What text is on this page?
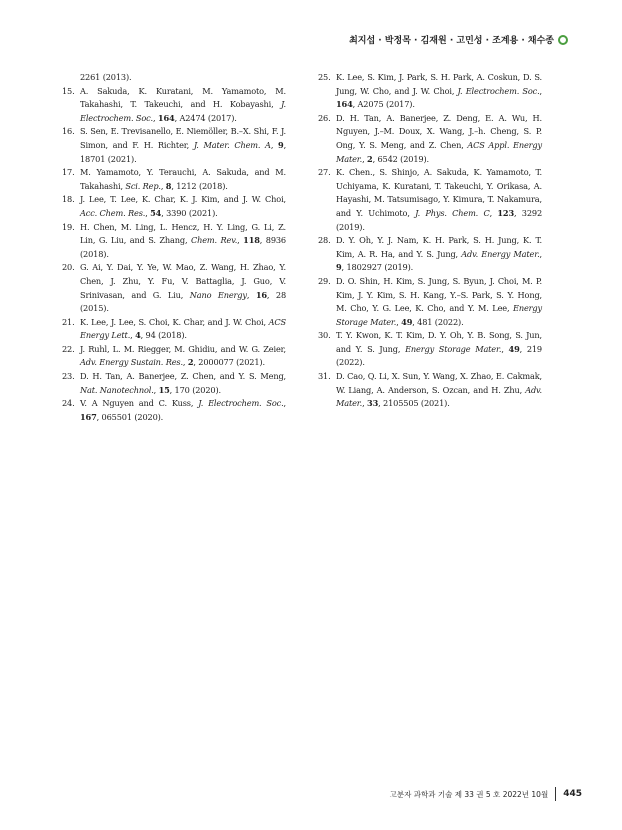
최지섭 · 박정목 · 김재원 · 고민성 · 조계용 · 채수종
2261 (2013).
15. A. Sakuda, K. Kuratani, M. Yamamoto, M. Takahashi, T. Takeuchi, and H. Kobayashi, J. Electrochem. Soc., 164, A2474 (2017).
16. S. Sen, E. Trevisanello, E. Niemöller, B.–X. Shi, F. J. Simon, and F. H. Richter, J. Mater. Chem. A, 9, 18701 (2021).
17. M. Yamamoto, Y. Terauchi, A. Sakuda, and M. Takahashi, Sci. Rep., 8, 1212 (2018).
18. J. Lee, T. Lee, K. Char, K. J. Kim, and J. W. Choi, Acc. Chem. Res., 54, 3390 (2021).
19. H. Chen, M. Ling, L. Hencz, H. Y. Ling, G. Li, Z. Lin, G. Liu, and S. Zhang, Chem. Rev., 118, 8936 (2018).
20. G. Ai, Y. Dai, Y. Ye, W. Mao, Z. Wang, H. Zhao, Y. Chen, J. Zhu, Y. Fu, V. Battaglia, J. Guo, V. Srinivasan, and G. Liu, Nano Energy, 16, 28 (2015).
21. K. Lee, J. Lee, S. Choi, K. Char, and J. W. Choi, ACS Energy Lett., 4, 94 (2018).
22. J. Ruhl, L. M. Riegger, M. Ghidiu, and W. G. Zeier, Adv. Energy Sustain. Res., 2, 2000077 (2021).
23. D. H. Tan, A. Banerjee, Z. Chen, and Y. S. Meng, Nat. Nanotechnol., 15, 170 (2020).
24. V. A Nguyen and C. Kuss, J. Electrochem. Soc., 167, 065501 (2020).
25. K. Lee, S. Kim, J. Park, S. H. Park, A. Coskun, D. S. Jung, W. Cho, and J. W. Choi, J. Electrochem. Soc., 164, A2075 (2017).
26. D. H. Tan, A. Banerjee, Z. Deng, E. A. Wu, H. Nguyen, J.–M. Doux, X. Wang, J.–h. Cheng, S. P. Ong, Y. S. Meng, and Z. Chen, ACS Appl. Energy Mater., 2, 6542 (2019).
27. K. Chen., S. Shinjo, A. Sakuda, K. Yamamoto, T. Uchiyama, K. Kuratani, T. Takeuchi, Y. Orikasa, A. Hayashi, M. Tatsumisago, Y. Kimura, T. Nakamura, and Y. Uchimoto, J. Phys. Chem. C, 123, 3292 (2019).
28. D. Y. Oh, Y. J. Nam, K. H. Park, S. H. Jung, K. T. Kim, A. R. Ha, and Y. S. Jung, Adv. Energy Mater., 9, 1802927 (2019).
29. D. O. Shin, H. Kim, S. Jung, S. Byun, J. Choi, M. P. Kim, J. Y. Kim, S. H. Kang, Y.–S. Park, S. Y. Hong, M. Cho, Y. G. Lee, K. Cho, and Y. M. Lee, Energy Storage Mater., 49, 481 (2022).
30. T. Y. Kwon, K. T. Kim, D. Y. Oh, Y. B. Song, S. Jun, and Y. S. Jung, Energy Storage Mater., 49, 219 (2022).
31. D. Cao, Q. Li, X. Sun, Y. Wang, X. Zhao, E. Cakmak, W. Liang, A. Anderson, S. Ozcan, and H. Zhu, Adv. Mater., 33, 2105505 (2021).
고분자 과학과 기술 제 33 권 5 호 2022년 10월 445
